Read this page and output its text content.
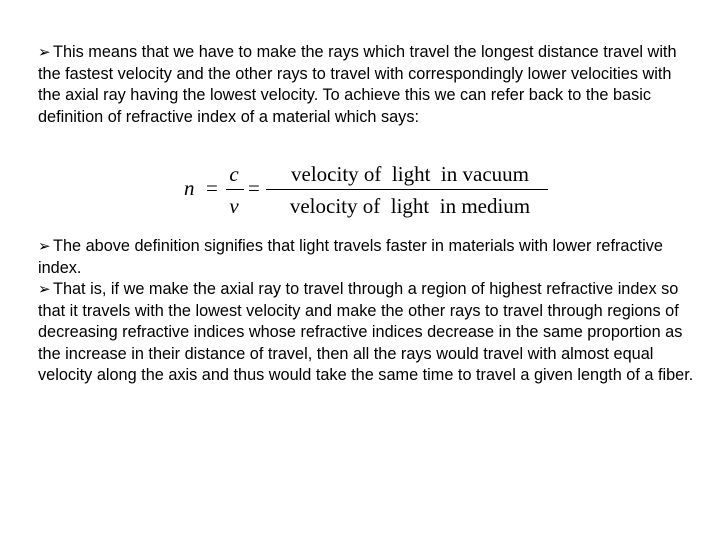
➢ This means that we have to make the rays which travel the longest distance travel with the fastest velocity and the other rays to travel with correspondingly lower velocities with the axial ray having the lowest velocity. To achieve this we can refer back to the basic definition of refractive index of a material which says:

n =
c
v
=
velocity of  light  in vacuum
velocity of  light  in medium

➢ The above definition signifies that light travels faster in materials with lower refractive index.

➢ That is, if we make the axial ray to travel through a region of highest refractive index so that it travels with the lowest velocity and make the other rays to travel through regions of decreasing refractive indices whose refractive indices decrease in the same proportion as the increase in their distance of travel, then all the rays would travel with almost equal velocity along the axis and thus would take the same time to travel a given length of a fiber.
